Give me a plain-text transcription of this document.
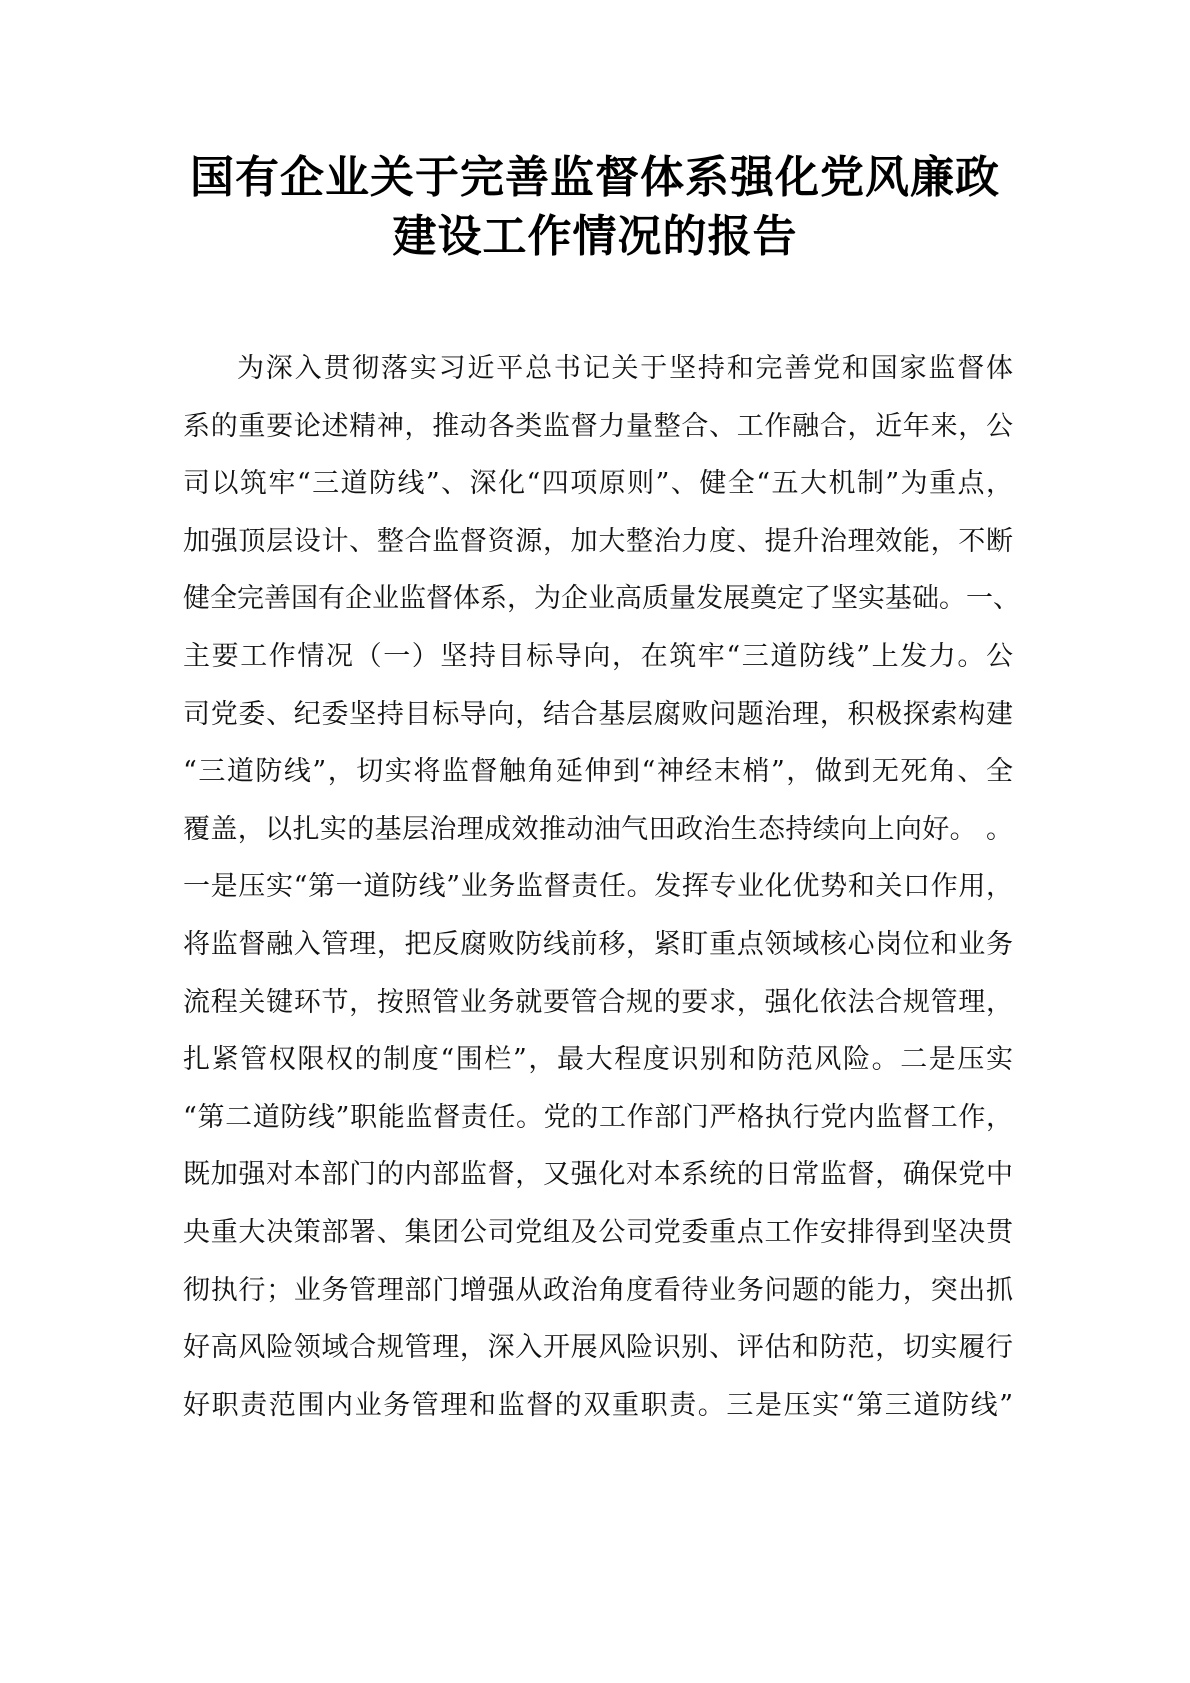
国有企业关于完善监督体系强化党风廉政
建设工作情况的报告
为深入贯彻落实习近平总书记关于坚持和完善党和国家监督体
系的重要论述精神，推动各类监督力量整合、工作融合，近年来，公
司以筑牢“三道防线”、深化“四项原则”、健全“五大机制”为重点，
加强顶层设计、整合监督资源，加大整治力度、提升治理效能，不断
健全完善国有企业监督体系，为企业高质量发展奠定了坚实基础。一、
主要工作情况（一）坚持目标导向，在筑牢“三道防线”上发力。公
司党委、纪委坚持目标导向，结合基层腐败问题治理，积极探索构建
“三道防线”，切实将监督触角延伸到“神经末梢”，做到无死角、全
覆盖，以扎实的基层治理成效推动油气田政治生态持续向上向好。 。
一是压实“第一道防线”业务监督责任。发挥专业化优势和关口作用，
将监督融入管理，把反腐败防线前移，紧盯重点领域核心岗位和业务
流程关键环节，按照管业务就要管合规的要求，强化依法合规管理，
扎紧管权限权的制度“围栏”，最大程度识别和防范风险。二是压实
“第二道防线”职能监督责任。党的工作部门严格执行党内监督工作，
既加强对本部门的内部监督，又强化对本系统的日常监督，确保党中
央重大决策部署、集团公司党组及公司党委重点工作安排得到坚决贯
彻执行；业务管理部门增强从政治角度看待业务问题的能力，突出抓
好高风险领域合规管理，深入开展风险识别、评估和防范，切实履行
好职责范围内业务管理和监督的双重职责。三是压实“第三道防线”
